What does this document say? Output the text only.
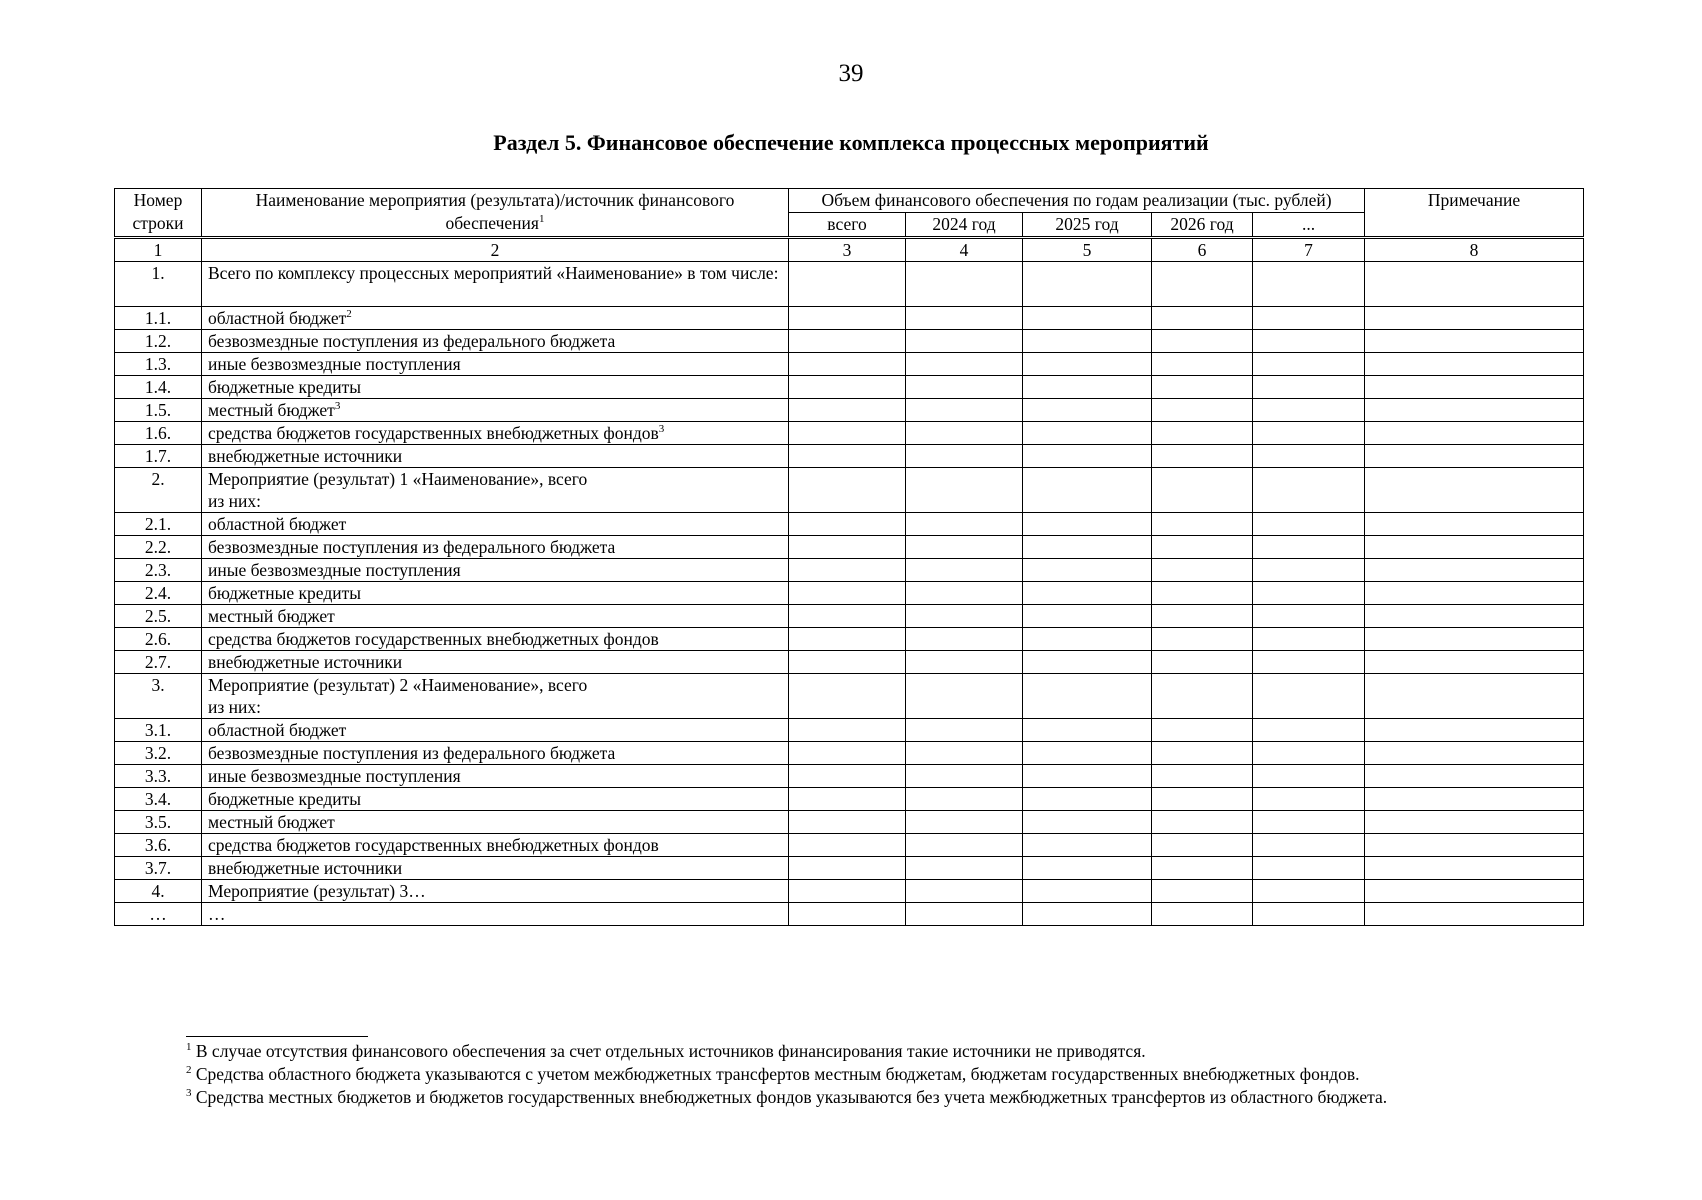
39
Раздел 5. Финансовое обеспечение комплекса процессных мероприятий
Номер строки	Наименование мероприятия (результата)/источник финансового обеспечения$^1$	Объем финансового обеспечения по годам реализации (тыс. рублей)					Примечание
		всего	2024 год	2025 год	2026 год	...	
1	2	3	4	5	6	7	8
1.	Всего по комплексу процессных мероприятий «Наименование» в том числе:						
1.1.	областной бюджет$^2$						
1.2.	безвозмездные поступления из федерального бюджета						
1.3.	иные безвозмездные поступления						
1.4.	бюджетные кредиты						
1.5.	местный бюджет$^3$						
1.6.	средства бюджетов государственных внебюджетных фондов$^3$						
1.7.	внебюджетные источники						
2.	Мероприятие (результат) 1 «Наименование», всего
из них:						
2.1.	областной бюджет						
2.2.	безвозмездные поступления из федерального бюджета						
2.3.	иные безвозмездные поступления						
2.4.	бюджетные кредиты						
2.5.	местный бюджет						
2.6.	средства бюджетов государственных внебюджетных фондов						
2.7.	внебюджетные источники						
3.	Мероприятие (результат) 2 «Наименование», всего
из них:						
3.1.	областной бюджет						
3.2.	безвозмездные поступления из федерального бюджета						
3.3.	иные безвозмездные поступления						
3.4.	бюджетные кредиты						
3.5.	местный бюджет						
3.6.	средства бюджетов государственных внебюджетных фондов						
3.7.	внебюджетные источники						
4.	Мероприятие (результат) 3…						
…	…						
$^1$ В случае отсутствия финансового обеспечения за счет отдельных источников финансирования такие источники не приводятся.
$^2$ Средства областного бюджета указываются с учетом межбюджетных трансфертов местным бюджетам, бюджетам государственных внебюджетных фондов.
$^3$ Средства местных бюджетов и бюджетов государственных внебюджетных фондов указываются без учета межбюджетных трансфертов из областного бюджета.
